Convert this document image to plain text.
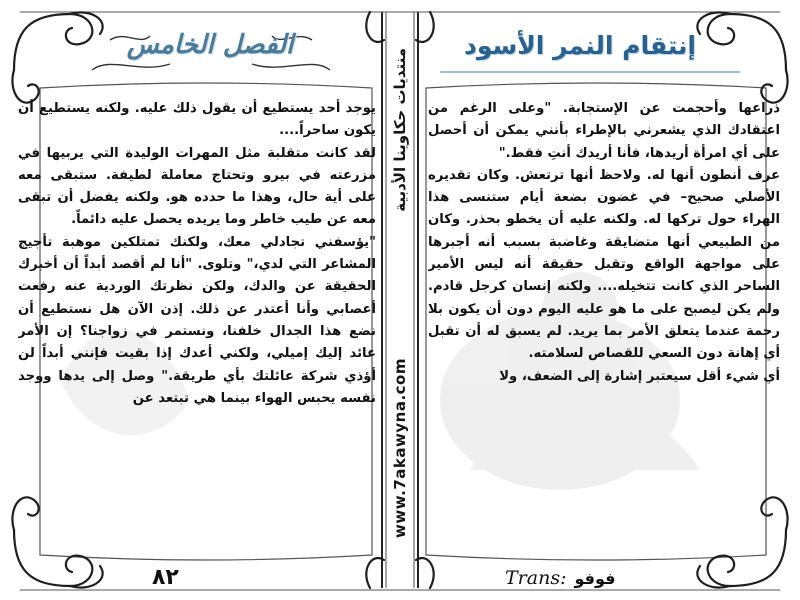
منتديات حكاوينا الأدبية
www.7akawyna.com
الفصل الخامس	إنتقام النمر الأسود

يوجد أحد يستطيع أن يقول ذلك عليه. ولكنه يستطيع أن يكون ساحراً....

لقد كانت متقلبة مثل المهرات الوليدة التي يربيها في مزرعته في بيرو وتحتاج معاملة لطيفة. ستبقى معه على أية حال، وهذا ما حدده هو. ولكنه يفضل أن تبقى معه عن طيب خاطر وما يريده يحصل عليه دائماً.

"يؤسفني تجادلي معك، ولكنك تمتلكين موهبة تأجيج المشاعر التي لدي،" وتلوى. "أنا لم أقصد أبداً أن أخبرك الحقيقة عن والدك، ولكن نظرتك الوردية عنه رفعت أعصابي وأنا أعتذر عن ذلك. إذن الآن هل نستطيع أن نضع هذا الجدال خلفنا، ونستمر في زواجنا؟ إن الأمر عائد إليك إميلي، ولكني أعدك إذا بقيت فإنني أبداً لن أؤذي شركة عائلتك بأي طريقة." وصل إلى يدها ووجد نفسه يحبس الهواء بينما هي تبتعد عن

ذراعها وأحجمت عن الإستجابة. "وعلى الرغم من اعتقادك الذي يشعرني بالإطراء بأنني يمكن أن أحصل على أي امرأة أريدها، فأنا أريدك أنتِ فقط."

عرف أنطون أنها له. ولاحظ أنها ترتعش. وكان تقديره الأصلي صحيح– في غضون بضعة أيام ستنسى هذا الهراء حول تركها له. ولكنه عليه أن يخطو بحذر. وكان من الطبيعي أنها متضايقة وغاضبة بسبب أنه أجبرها على مواجهة الواقع وتقبل حقيقة أنه ليس الأمير الساحر الذي كانت تتخيله.... ولكنه إنسان كرجل قادم. ولم يكن ليصبح على ما هو عليه اليوم دون أن يكون بلا رحمة عندما يتعلق الأمر بما يريد. لم يسبق له أن تقبل أي إهانة دون السعي للقصاص لسلامته.

أي شيء أقل سيعتبر إشارة إلى الضعف، ولا

٨٢	Trans: فوفو
